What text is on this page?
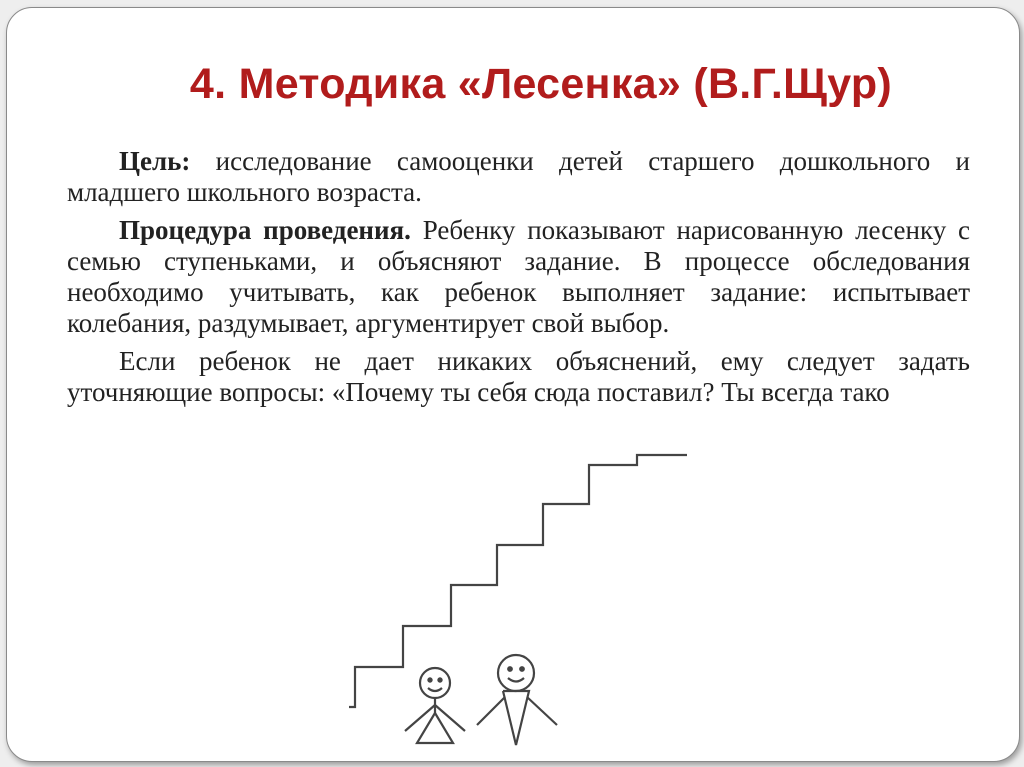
4. Методика «Лесенка» (В.Г.Щур)

Цель: исследование самооценки детей старшего дошкольного и младшего школьного возраста.

Процедура проведения. Ребенку показывают нарисованную лесенку с семью ступеньками, и объясняют задание. В процессе обследования необходимо учитывать, как ребенок выполняет задание: испытывает колебания, раздумывает, аргументирует свой выбор.

Если ребенок не дает никаких объяснений, ему следует задать уточняющие вопросы: «Почему ты себя сюда поставил? Ты всегда тако
